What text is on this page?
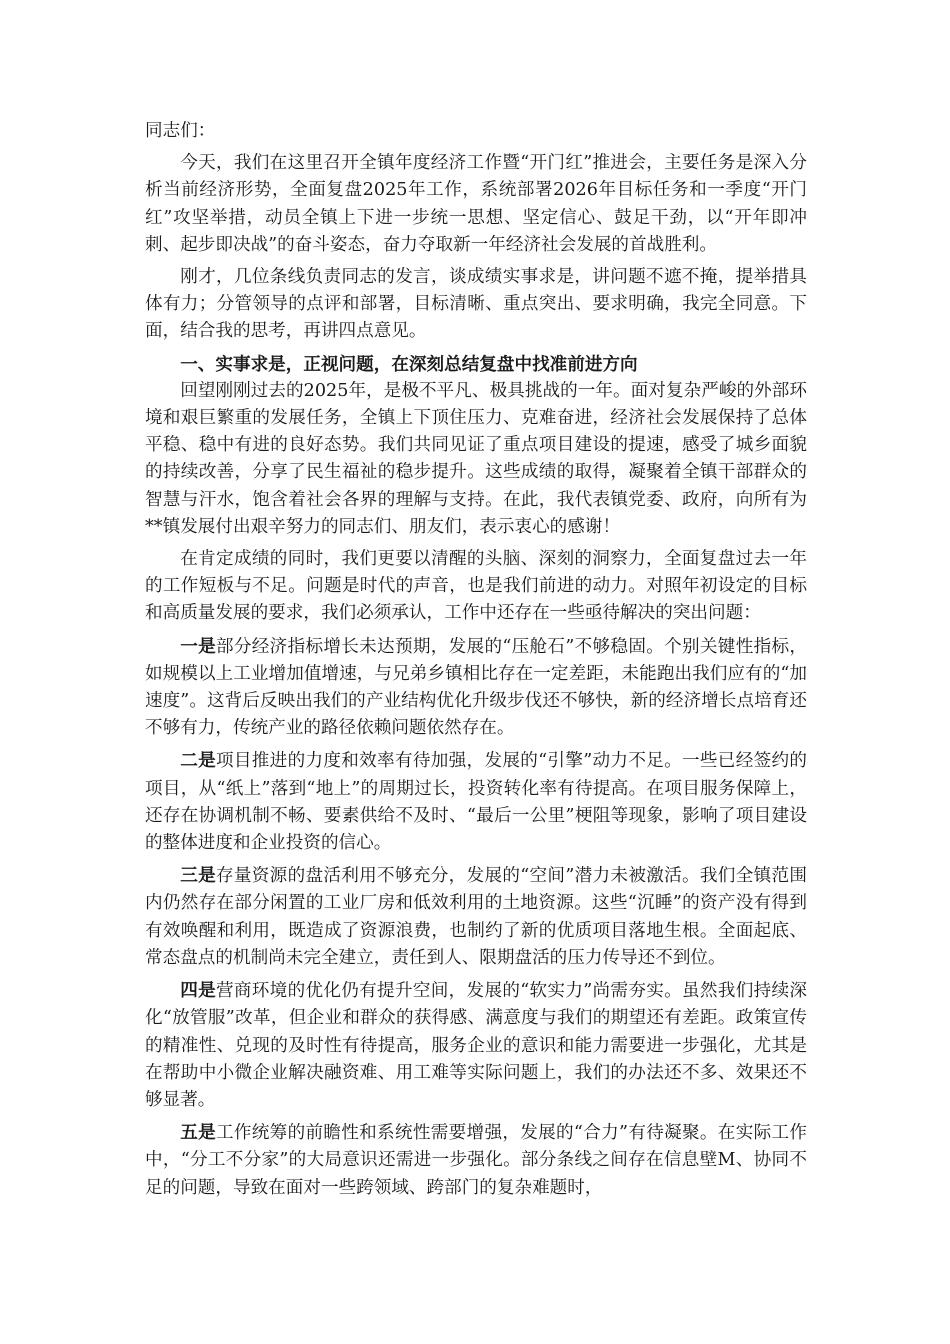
同志们：

今天，我们在这里召开全镇年度经济工作暨“开门红”推进会，主要任务是深入分析当前经济形势，全面复盘2025年工作，系统部署2026年目标任务和一季度“开门红”攻坚举措，动员全镇上下进一步统一思想、坚定信心、鼓足干劲，以“开年即冲刺、起步即决战”的奋斗姿态，奋力夺取新一年经济社会发展的首战胜利。

刚才，几位条线负责同志的发言，谈成绩实事求是，讲问题不遮不掩，提举措具体有力；分管领导的点评和部署，目标清晰、重点突出、要求明确，我完全同意。下面，结合我的思考，再讲四点意见。

一、实事求是，正视问题，在深刻总结复盘中找准前进方向

回望刚刚过去的2025年，是极不平凡、极具挑战的一年。面对复杂严峻的外部环境和艰巨繁重的发展任务，全镇上下顶住压力、克难奋进，经济社会发展保持了总体平稳、稳中有进的良好态势。我们共同见证了重点项目建设的提速，感受了城乡面貌的持续改善，分享了民生福祉的稳步提升。这些成绩的取得，凝聚着全镇干部群众的智慧与汗水，饱含着社会各界的理解与支持。在此，我代表镇党委、政府，向所有为**镇发展付出艰辛努力的同志们、朋友们，表示衷心的感谢！

在肯定成绩的同时，我们更要以清醒的头脑、深刻的洞察力，全面复盘过去一年的工作短板与不足。问题是时代的声音，也是我们前进的动力。对照年初设定的目标和高质量发展的要求，我们必须承认，工作中还存在一些亟待解决的突出问题：

一是部分经济指标增长未达预期，发展的“压舱石”不够稳固。个别关键性指标，如规模以上工业增加值增速，与兄弟乡镇相比存在一定差距，未能跑出我们应有的“加速度”。这背后反映出我们的产业结构优化升级步伐还不够快，新的经济增长点培育还不够有力，传统产业的路径依赖问题依然存在。

二是项目推进的力度和效率有待加强，发展的“引擎”动力不足。一些已经签约的项目，从“纸上”落到“地上”的周期过长，投资转化率有待提高。在项目服务保障上，还存在协调机制不畅、要素供给不及时、“最后一公里”梗阻等现象，影响了项目建设的整体进度和企业投资的信心。

三是存量资源的盘活利用不够充分，发展的“空间”潜力未被激活。我们全镇范围内仍然存在部分闲置的工业厂房和低效利用的土地资源。这些“沉睡”的资产没有得到有效唤醒和利用，既造成了资源浪费，也制约了新的优质项目落地生根。全面起底、常态盘点的机制尚未完全建立，责任到人、限期盘活的压力传导还不到位。

四是营商环境的优化仍有提升空间，发展的“软实力”尚需夯实。虽然我们持续深化“放管服”改革，但企业和群众的获得感、满意度与我们的期望还有差距。政策宣传的精准性、兑现的及时性有待提高，服务企业的意识和能力需要进一步强化，尤其是在帮助中小微企业解决融资难、用工难等实际问题上，我们的办法还不多、效果还不够显著。

五是工作统筹的前瞻性和系统性需要增强，发展的“合力”有待凝聚。在实际工作中，“分工不分家”的大局意识还需进一步强化。部分条线之间存在信息壁M、协同不足的问题，导致在面对一些跨领域、跨部门的复杂难题时，
